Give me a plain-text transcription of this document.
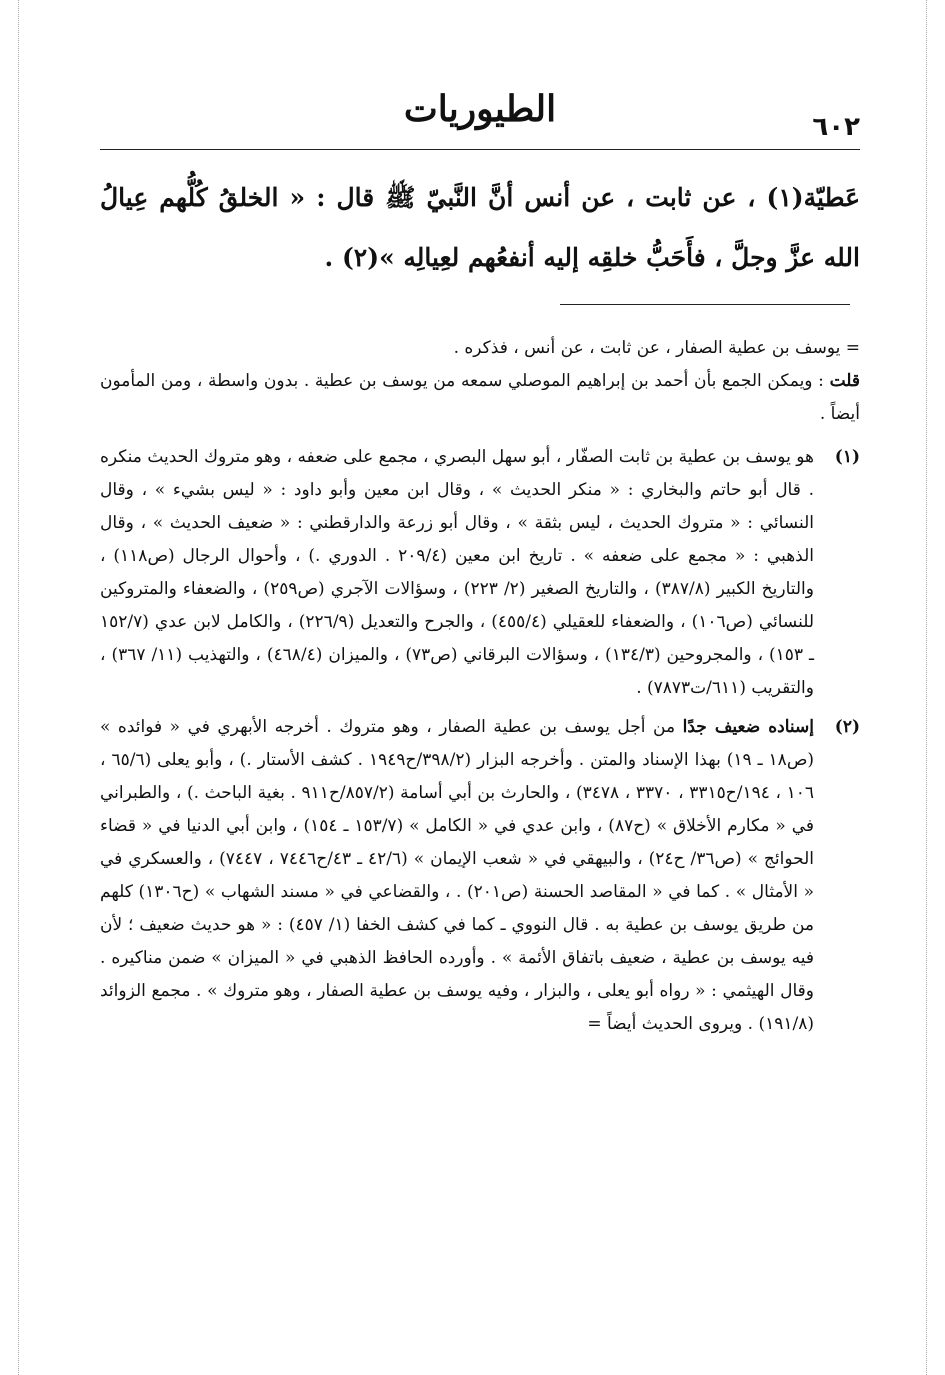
٦٠٢
الطيوريات
عَطيّة(١) ، عن ثابت ، عن أنس أنَّ النَّبيّ ﷺ قال : « الخلقُ كُلُّهم عِيالُ الله عزَّ وجلَّ ، فأَحَبُّ خلقِه إليه أنفعُهم لعِيالِه »(٢) .

= يوسف بن عطية الصفار ، عن ثابت ، عن أنس ، فذكره .
قلت : ويمكن الجمع بأن أحمد بن إبراهيم الموصلي سمعه من يوسف بن عطية . بدون واسطة ، ومن المأمون أيضاً .

(١)

هو يوسف بن عطية بن ثابت الصفّار ، أبو سهل البصري ، مجمع على ضعفه ، وهو متروك الحديث منكره . قال أبو حاتم والبخاري : « منكر الحديث » ، وقال ابن معين وأبو داود : « ليس بشيء » ، وقال النسائي : « متروك الحديث ، ليس بثقة » ، وقال أبو زرعة والدارقطني : « ضعيف الحديث » ، وقال الذهبي : « مجمع على ضعفه » . تاريخ ابن معين (٢٠٩/٤ . الدوري .) ، وأحوال الرجال (ص١١٨) ، والتاريخ الكبير (٣٨٧/٨) ، والتاريخ الصغير (٢/ ٢٢٣) ، وسؤالات الآجري (ص٢٥٩) ، والضعفاء والمتروكين للنسائي (ص١٠٦) ، والضعفاء للعقيلي (٤٥٥/٤) ، والجرح والتعديل (٢٢٦/٩) ، والكامل لابن عدي (١٥٢/٧ ـ ١٥٣) ، والمجروحين (١٣٤/٣) ، وسؤالات البرقاني (ص٧٣) ، والميزان (٤٦٨/٤) ، والتهذيب (١١/ ٣٦٧) ، والتقريب (٦١١/ت٧٨٧٣) .

(٢)

إسناده ضعيف جدًا من أجل يوسف بن عطية الصفار ، وهو متروك . أخرجه الأبهري في « فوائده » (ص١٨ ـ ١٩) بهذا الإسناد والمتن . وأخرجه البزار (٣٩٨/٢/ح١٩٤٩ . كشف الأستار .) ، وأبو يعلى (٦٥/٦ ، ١٠٦ ، ١٩٤/ح٣٣١٥ ، ٣٣٧٠ ، ٣٤٧٨) ، والحارث بن أبي أسامة (٨٥٧/٢/ح٩١١ . بغية الباحث .) ، والطبراني في « مكارم الأخلاق » (ح٨٧) ، وابن عدي في « الكامل » (١٥٣/٧ ـ ١٥٤) ، وابن أبي الدنيا في « قضاء الحوائج » (ص٣٦/ ح٢٤) ، والبيهقي في « شعب الإيمان » (٤٢/٦ ـ ٤٣/ح٧٤٤٦ ، ٧٤٤٧) ، والعسكري في « الأمثال » . كما في « المقاصد الحسنة (ص٢٠١) . ، والقضاعي في « مسند الشهاب » (ح١٣٠٦) كلهم من طريق يوسف بن عطية به . قال النووي ـ كما في كشف الخفا (١/ ٤٥٧) : « هو حديث ضعيف ؛ لأن فيه يوسف بن عطية ، ضعيف باتفاق الأئمة » . وأورده الحافظ الذهبي في « الميزان » ضمن مناكيره . وقال الهيثمي : « رواه أبو يعلى ، والبزار ، وفيه يوسف بن عطية الصفار ، وهو متروك » . مجمع الزوائد (١٩١/٨) . ويروى الحديث أيضاً =
